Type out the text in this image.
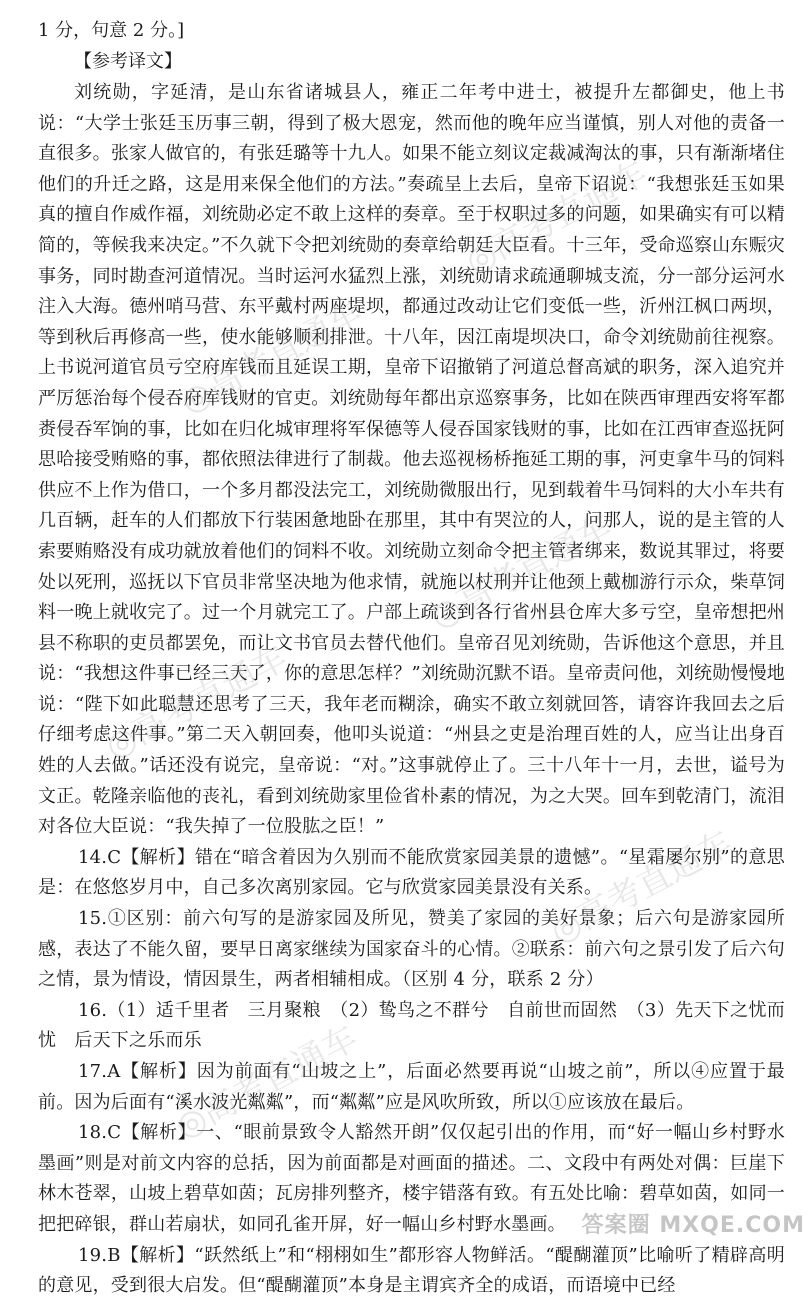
1 分，句意 2 分。]

【参考译文】

刘统勋，字延清，是山东省诸城县人，雍正二年考中进士，被提升左都御史，他上书说：“大学士张廷玉历事三朝，得到了极大恩宠，然而他的晚年应当谨慎，别人对他的责备一直很多。张家人做官的，有张廷璐等十九人。如果不能立刻议定裁减淘汰的事，只有渐渐堵住他们的升迁之路，这是用来保全他们的方法。”奏疏呈上去后，皇帝下诏说：“我想张廷玉如果真的擅自作威作福，刘统勋必定不敢上这样的奏章。至于权职过多的问题，如果确实有可以精简的，等候我来决定。”不久就下令把刘统勋的奏章给朝廷大臣看。十三年，受命巡察山东赈灾事务，同时勘查河道情况。当时运河水猛烈上涨，刘统勋请求疏通聊城支流，分一部分运河水注入大海。德州哨马营、东平戴村两座堤坝，都通过改动让它们变低一些，沂州江枫口两坝，等到秋后再修高一些，使水能够顺利排泄。十八年，因江南堤坝决口，命令刘统勋前往视察。上书说河道官员亏空府库钱而且延误工期，皇帝下诏撤销了河道总督高斌的职务，深入追究并严厉惩治每个侵吞府库钱财的官吏。刘统勋每年都出京巡察事务，比如在陕西审理西安将军都赉侵吞军饷的事，比如在归化城审理将军保德等人侵吞国家钱财的事，比如在江西审查巡抚阿思哈接受贿赂的事，都依照法律进行了制裁。他去巡视杨桥拖延工期的事，河吏拿牛马的饲料供应不上作为借口，一个多月都没法完工，刘统勋微服出行，见到载着牛马饲料的大小车共有几百辆，赶车的人们都放下行装困惫地卧在那里，其中有哭泣的人，问那人，说的是主管的人索要贿赂没有成功就放着他们的饲料不收。刘统勋立刻命令把主管者绑来，数说其罪过，将要处以死刑，巡抚以下官员非常坚决地为他求情，就施以杖刑并让他颈上戴枷游行示众，柴草饲料一晚上就收完了。过一个月就完工了。户部上疏谈到各行省州县仓库大多亏空，皇帝想把州县不称职的吏员都罢免，而让文书官员去替代他们。皇帝召见刘统勋，告诉他这个意思，并且说：“我想这件事已经三天了，你的意思怎样？”刘统勋沉默不语。皇帝责问他，刘统勋慢慢地说：“陛下如此聪慧还思考了三天，我年老而糊涂，确实不敢立刻就回答，请容许我回去之后仔细考虑这件事。”第二天入朝回奏，他叩头说道：“州县之吏是治理百姓的人，应当让出身百姓的人去做。”话还没有说完，皇帝说：“对。”这事就停止了。三十八年十一月，去世，谥号为文正。乾隆亲临他的丧礼，看到刘统勋家里俭省朴素的情况，为之大哭。回车到乾清门，流泪对各位大臣说：“我失掉了一位股肱之臣！”

14.C【解析】错在“暗含着因为久别而不能欣赏家园美景的遗憾”。“星霜屡尔别”的意思是：在悠悠岁月中，自己多次离别家园。它与欣赏家园美景没有关系。

15.①区别：前六句写的是游家园及所见，赞美了家园的美好景象；后六句是游家园所感，表达了不能久留，要早日离家继续为国家奋斗的心情。②联系：前六句之景引发了后六句之情，景为情设，情因景生，两者相辅相成。（区别 4 分，联系 2 分）

16.（1）适千里者　三月聚粮　（2）鸷鸟之不群兮　自前世而固然　（3）先天下之忧而忧　后天下之乐而乐

17.A【解析】因为前面有“山坡之上”，后面必然要再说“山坡之前”，所以④应置于最前。因为后面有“溪水波光粼粼”，而“粼粼”应是风吹所致，所以①应该放在最后。

18.C【解析】一、“眼前景致令人豁然开朗”仅仅起引出的作用，而“好一幅山乡村野水墨画”则是对前文内容的总括，因为前面都是对画面的描述。二、文段中有两处对偶：巨崖下林木苍翠，山坡上碧草如茵；瓦房排列整齐，楼宇错落有致。有五处比喻：碧草如茵，如同一把把碎银，群山若扇状，如同孔雀开屏，好一幅山乡村野水墨画。

19.B【解析】“跃然纸上”和“栩栩如生”都形容人物鲜活。“醍醐灌顶”比喻听了精辟高明的意见，受到很大启发。但“醍醐灌顶”本身是主谓宾齐全的成语，而语境中已经

◎高考直通车
◎高考直通车
◎高考直通车
◎高考直通车
◎高考直通车
◎高考直通车
答案圈 MXQE.COM
